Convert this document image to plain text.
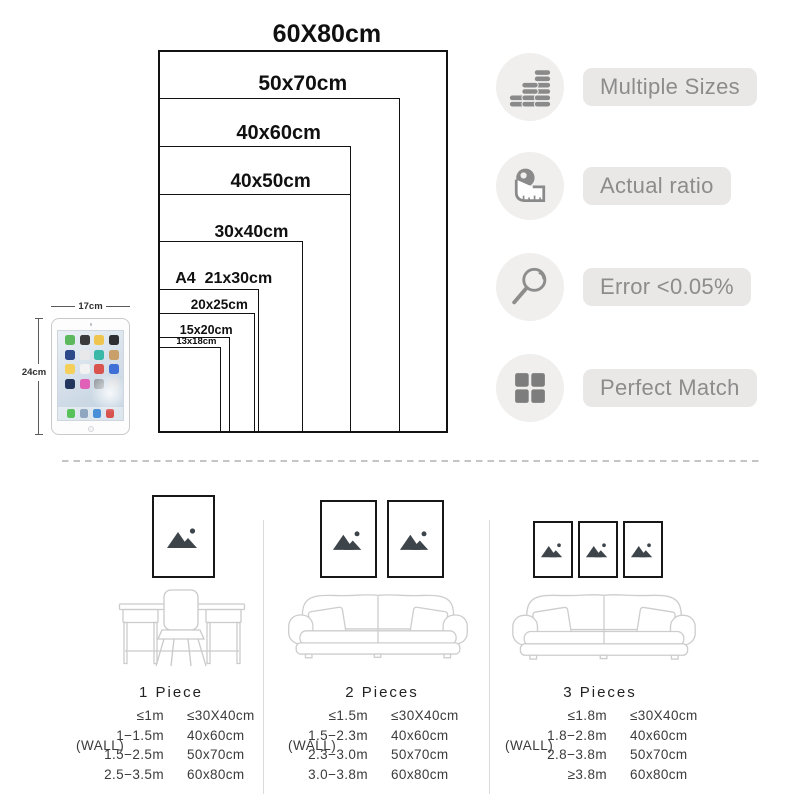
60X80cm
50x70cm
40x60cm
40x50cm
30x40cm
A4  21x30cm
20x25cm
15x20cm
13x18cm
17cm
24cm
Multiple Sizes
Actual ratio
Error <0.05%
Perfect Match
1 Piece
(WALL)
≤1m ≤30X40cm
1−1.5m 40x60cm
1.5−2.5m 50x70cm
2.5−3.5m 60x80cm
2 Pieces
(WALL)
≤1.5m ≤30X40cm
1.5−2.3m 40x60cm
2.3−3.0m 50x70cm
3.0−3.8m 60x80cm
3 Pieces
(WALL)
≤1.8m ≤30X40cm
1.8−2.8m 40x60cm
2.8−3.8m 50x70cm
≥3.8m 60x80cm
